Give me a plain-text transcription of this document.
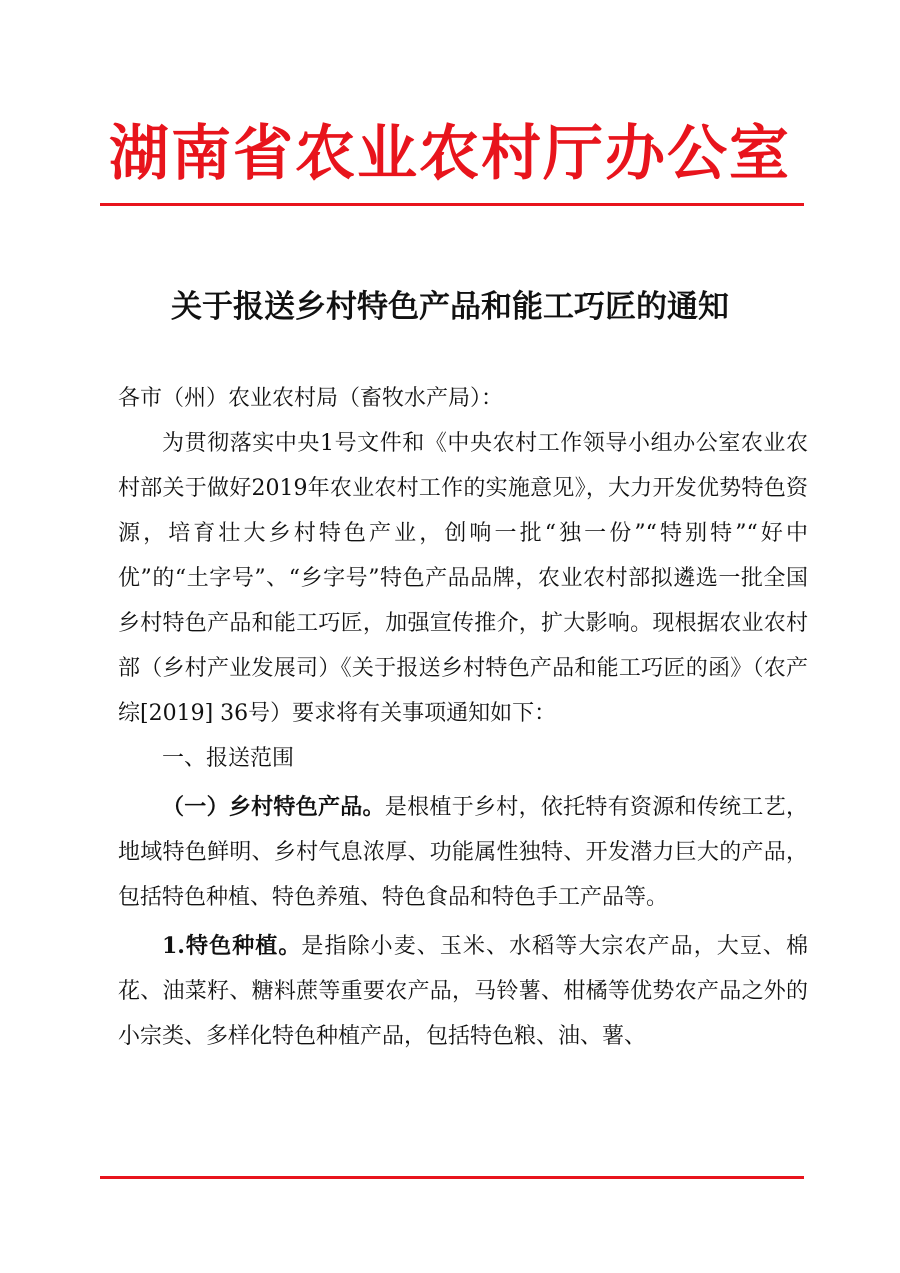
湖南省农业农村厅办公室
关于报送乡村特色产品和能工巧匠的通知

各市（州）农业农村局（畜牧水产局）：

为贯彻落实中央1号文件和《中央农村工作领导小组办公室农业农村部关于做好2019年农业农村工作的实施意见》，大力开发优势特色资源，培育壮大乡村特色产业，创响一批“独一份”“特别特”“好中优”的“土字号”、“乡字号”特色产品品牌，农业农村部拟遴选一批全国乡村特色产品和能工巧匠，加强宣传推介，扩大影响。现根据农业农村部（乡村产业发展司）《关于报送乡村特色产品和能工巧匠的函》（农产综[2019] 36号）要求将有关事项通知如下：

一、报送范围

（一）乡村特色产品。是根植于乡村，依托特有资源和传统工艺，地域特色鲜明、乡村气息浓厚、功能属性独特、开发潜力巨大的产品，包括特色种植、特色养殖、特色食品和特色手工产品等。

1.特色种植。是指除小麦、玉米、水稻等大宗农产品，大豆、棉花、油菜籽、糖料蔗等重要农产品，马铃薯、柑橘等优势农产品之外的小宗类、多样化特色种植产品，包括特色粮、油、薯、
